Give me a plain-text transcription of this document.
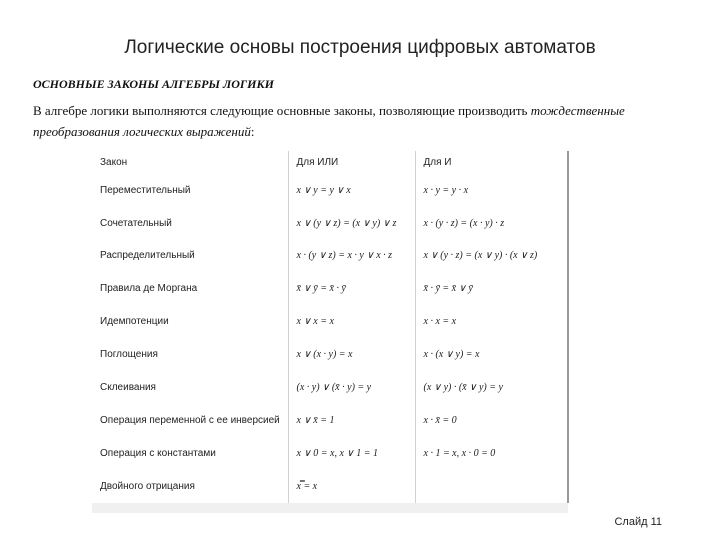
Логические основы построения цифровых автоматов
ОСНОВНЫЕ ЗАКОНЫ АЛГЕБРЫ ЛОГИКИ
В алгебре логики выполняются следующие основные законы, позволяющие производить тождественные преобразования логических выражений:
Закон	Для ИЛИ	Для И
Переместительный	x ∨ y = y ∨ x	x · y = y · x
Сочетательный	x ∨ (y ∨ z) = (x ∨ y) ∨ z	x · (y · z) = (x · y) · z
Распределительный	x · (y ∨ z) = x · y ∨ x · z	x ∨ (y · z) = (x ∨ y) · (x ∨ z)
Правила де Моргана	x̄ ∨ ȳ = x̄ · ȳ	x̄ · ȳ = x̄ ∨ ȳ
Идемпотенции	x ∨ x = x	x · x = x
Поглощения	x ∨ (x · y) = x	x · (x ∨ y) = x
Склеивания	(x · y) ∨ (x̄ · y) = y	(x ∨ y) · (x̄ ∨ y) = y
Операция переменной с ее инверсией	x ∨ x̄ = 1	x · x̄ = 0
Операция с константами	x ∨ 0 = x, x ∨ 1 = 1	x · 1 = x, x · 0 = 0
Двойного отрицания	x̿ = x	
Слайд 11
